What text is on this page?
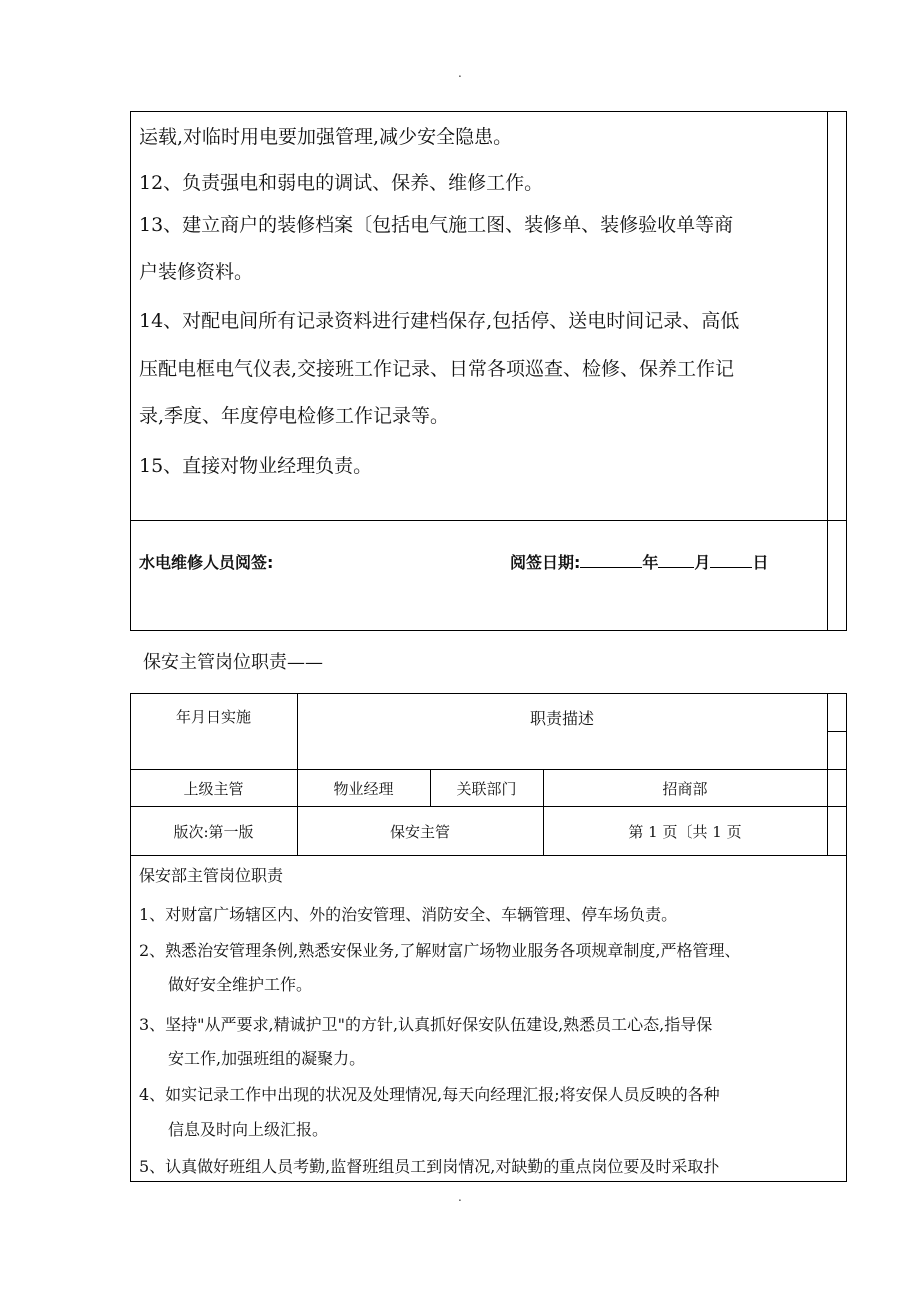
.
.
运载,对临时用电要加强管理,减少安全隐患。
12、负责强电和弱电的调试、保养、维修工作。
13、建立商户的装修档案〔包括电气施工图、装修单、装修验收单等商
户装修资料。
14、对配电间所有记录资料进行建档保存,包括停、送电时间记录、高低
压配电框电气仪表,交接班工作记录、日常各项巡查、检修、保养工作记
录,季度、年度停电检修工作记录等。
15、直接对物业经理负责。
水电维修人员阅签:	阅签日期:	年 月	日
保安主管岗位职责——
年月日实施	职责描述
上级主管	物业经理	关联部门	招商部
版次:第一版	保安主管	第 1 页〔共 1 页
保安部主管岗位职责
1、对财富广场辖区内、外的治安管理、消防安全、车辆管理、停车场负责。
2、熟悉治安管理条例,熟悉安保业务,了解财富广场物业服务各项规章制度,严格管理、
做好安全维护工作。
3、坚持"从严要求,精诚护卫"的方针,认真抓好保安队伍建设,熟悉员工心态,指导保
安工作,加强班组的凝聚力。
4、如实记录工作中出现的状况及处理情况,每天向经理汇报;将安保人员反映的各种
信息及时向上级汇报。
5、认真做好班组人员考勤,监督班组员工到岗情况,对缺勤的重点岗位要及时采取扑
